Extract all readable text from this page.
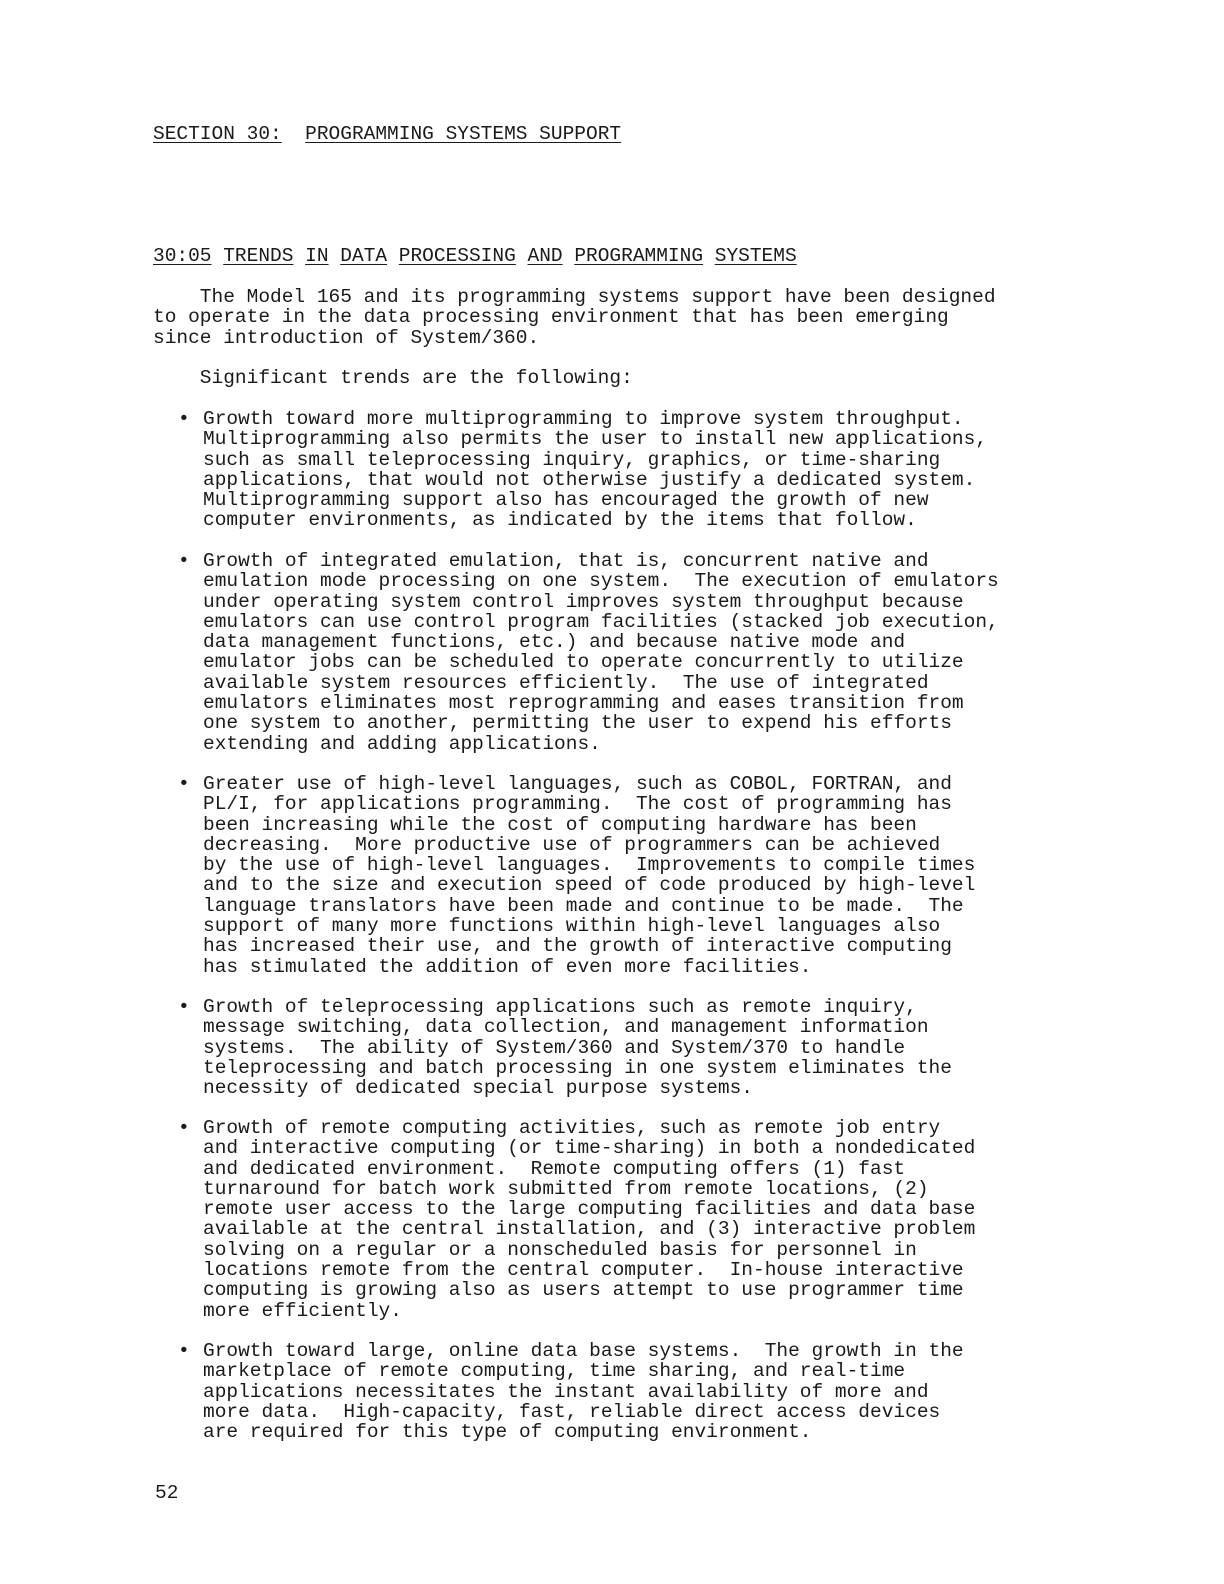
SECTION 30: PROGRAMMING SYSTEMS SUPPORT
30:05 TRENDS IN DATA PROCESSING AND PROGRAMMING SYSTEMS

The Model 165 and its programming systems support have been designed
to operate in the data processing environment that has been emerging
since introduction of System/360.

Significant trends are the following:

• Growth toward more multiprogramming to improve system throughput.
Multiprogramming also permits the user to install new applications,
such as small teleprocessing inquiry, graphics, or time-sharing
applications, that would not otherwise justify a dedicated system.
Multiprogramming support also has encouraged the growth of new
computer environments, as indicated by the items that follow.
• Growth of integrated emulation, that is, concurrent native and
emulation mode processing on one system.  The execution of emulators
under operating system control improves system throughput because
emulators can use control program facilities (stacked job execution,
data management functions, etc.) and because native mode and
emulator jobs can be scheduled to operate concurrently to utilize
available system resources efficiently.  The use of integrated
emulators eliminates most reprogramming and eases transition from
one system to another, permitting the user to expend his efforts
extending and adding applications.
• Greater use of high-level languages, such as COBOL, FORTRAN, and
PL/I, for applications programming.  The cost of programming has
been increasing while the cost of computing hardware has been
decreasing.  More productive use of programmers can be achieved
by the use of high-level languages.  Improvements to compile times
and to the size and execution speed of code produced by high-level
language translators have been made and continue to be made.  The
support of many more functions within high-level languages also
has increased their use, and the growth of interactive computing
has stimulated the addition of even more facilities.
• Growth of teleprocessing applications such as remote inquiry,
message switching, data collection, and management information
systems.  The ability of System/360 and System/370 to handle
teleprocessing and batch processing in one system eliminates the
necessity of dedicated special purpose systems.
• Growth of remote computing activities, such as remote job entry
and interactive computing (or time-sharing) in both a nondedicated
and dedicated environment.  Remote computing offers (1) fast
turnaround for batch work submitted from remote locations, (2)
remote user access to the large computing facilities and data base
available at the central installation, and (3) interactive problem
solving on a regular or a nonscheduled basis for personnel in
locations remote from the central computer.  In-house interactive
computing is growing also as users attempt to use programmer time
more efficiently.
• Growth toward large, online data base systems.  The growth in the
marketplace of remote computing, time sharing, and real-time
applications necessitates the instant availability of more and
more data.  High-capacity, fast, reliable direct access devices
are required for this type of computing environment.
52
